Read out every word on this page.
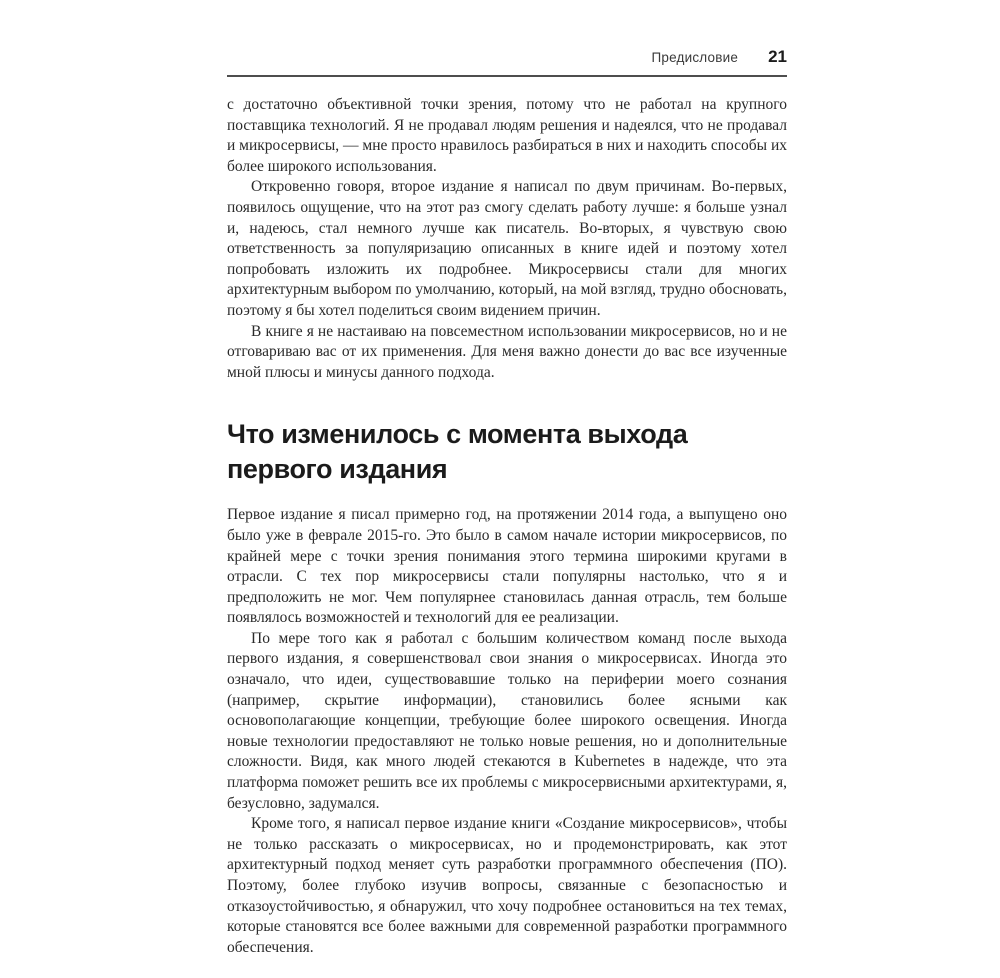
Предисловие 21

с достаточно объективной точки зрения, потому что не работал на крупного поставщика технологий. Я не продавал людям решения и надеялся, что не продавал и микросервисы, — мне просто нравилось разбираться в них и находить способы их более широкого использования.

Откровенно говоря, второе издание я написал по двум причинам. Во-первых, появилось ощущение, что на этот раз смогу сделать работу лучше: я больше узнал и, надеюсь, стал немного лучше как писатель. Во-вторых, я чувствую свою ответственность за популяризацию описанных в книге идей и поэтому хотел попробовать изложить их подробнее. Микросервисы стали для многих архитектурным выбором по умолчанию, который, на мой взгляд, трудно обосновать, поэтому я бы хотел поделиться своим видением причин.

В книге я не настаиваю на повсеместном использовании микросервисов, но и не отговариваю вас от их применения. Для меня важно донести до вас все изученные мной плюсы и минусы данного подхода.

Что изменилось с момента выхода первого издания

Первое издание я писал примерно год, на протяжении 2014 года, а выпущено оно было уже в феврале 2015-го. Это было в самом начале истории микросервисов, по крайней мере с точки зрения понимания этого термина широкими кругами в отрасли. С тех пор микросервисы стали популярны настолько, что я и предположить не мог. Чем популярнее становилась данная отрасль, тем больше появлялось возможностей и технологий для ее реализации.

По мере того как я работал с большим количеством команд после выхода первого издания, я совершенствовал свои знания о микросервисах. Иногда это означало, что идеи, существовавшие только на периферии моего сознания (например, скрытие информации), становились более ясными как основополагающие концепции, требующие более широкого освещения. Иногда новые технологии предоставляют не только новые решения, но и дополнительные сложности. Видя, как много людей стекаются в Kubernetes в надежде, что эта платформа поможет решить все их проблемы с микросервисными архитектурами, я, безусловно, задумался.

Кроме того, я написал первое издание книги «Создание микросервисов», чтобы не только рассказать о микросервисах, но и продемонстрировать, как этот архитектурный подход меняет суть разработки программного обеспечения (ПО). Поэтому, более глубоко изучив вопросы, связанные с безопасностью и отказоустойчивостью, я обнаружил, что хочу подробнее остановиться на тех темах, которые становятся все более важными для современной разработки программного обеспечения.
